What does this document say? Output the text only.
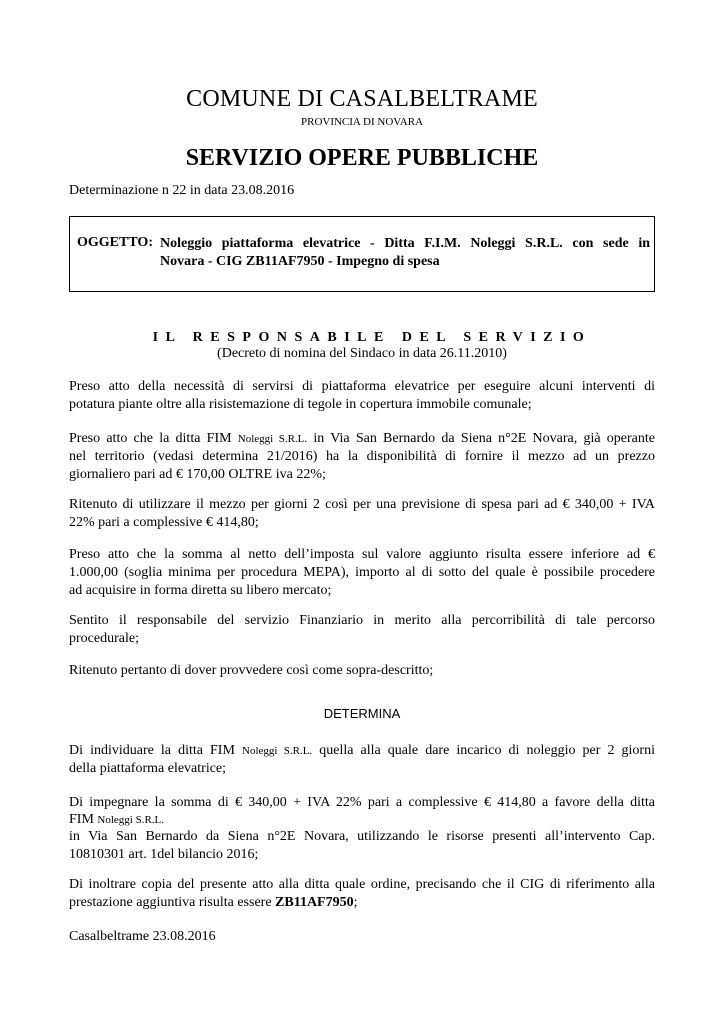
COMUNE DI CASALBELTRAME
PROVINCIA DI NOVARA
SERVIZIO OPERE PUBBLICHE
Determinazione n 22 in data 23.08.2016
OGGETTO: Noleggio piattaforma elevatrice - Ditta F.I.M. Noleggi S.R.L. con sede in
Novara - CIG ZB11AF7950 - Impegno di spesa
IL RESPONSABILE DEL SERVIZIO
(Decreto di nomina del Sindaco in data 26.11.2010)
Preso atto della necessità di servirsi di piattaforma elevatrice per eseguire alcuni interventi di
potatura piante oltre alla risistemazione di tegole in copertura immobile comunale;
Preso atto che la ditta FIM Noleggi S.R.L. in Via San Bernardo da Siena n°2E Novara, già operante
nel territorio (vedasi determina 21/2016) ha la disponibilità di fornire il mezzo ad un prezzo
giornaliero pari ad € 170,00 OLTRE iva 22%;
Ritenuto di utilizzare il mezzo per giorni 2 così per una previsione di spesa pari ad € 340,00 + IVA
22% pari a complessive € 414,80;
Preso atto che la somma al netto dell’imposta sul valore aggiunto risulta essere inferiore ad €
1.000,00 (soglia minima per procedura MEPA), importo al di sotto del quale è possibile procedere
ad acquisire in forma diretta su libero mercato;
Sentito il responsabile del servizio Finanziario in merito alla percorribilità di tale percorso
procedurale;
Ritenuto pertanto di dover provvedere così come sopra-descritto;
DETERMINA
Di individuare la ditta FIM Noleggi S.R.L. quella alla quale dare incarico di noleggio per 2 giorni
della piattaforma elevatrice;
Di impegnare la somma di € 340,00 + IVA 22% pari a complessive € 414,80 a favore della ditta
FIM Noleggi S.R.L.
in Via San Bernardo da Siena n°2E Novara, utilizzando le risorse presenti all’intervento Cap.
10810301 art. 1del bilancio 2016;
Di inoltrare copia del presente atto alla ditta quale ordine, precisando che il CIG di riferimento alla
prestazione aggiuntiva risulta essere ZB11AF7950;
Casalbeltrame 23.08.2016
